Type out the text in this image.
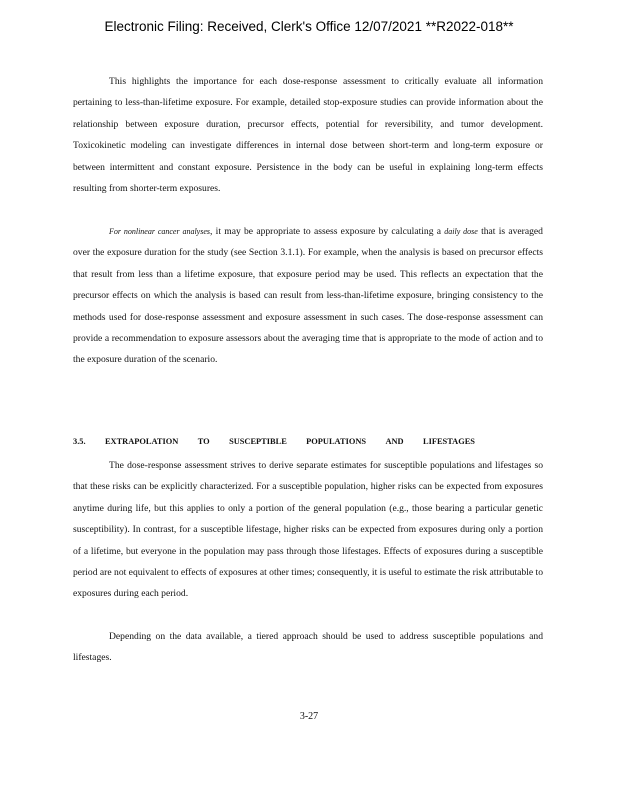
Electronic Filing: Received, Clerk's Office 12/07/2021 **R2022-018**

This highlights the importance for each dose-response assessment to critically evaluate all information pertaining to less-than-lifetime exposure. For example, detailed stop-exposure studies can provide information about the relationship between exposure duration, precursor effects, potential for reversibility, and tumor development. Toxicokinetic modeling can investigate differences in internal dose between short-term and long-term exposure or between intermittent and constant exposure. Persistence in the body can be useful in explaining long-term effects resulting from shorter-term exposures.

For nonlinear cancer analyses, it may be appropriate to assess exposure by calculating a daily dose that is averaged over the exposure duration for the study (see Section 3.1.1). For example, when the analysis is based on precursor effects that result from less than a lifetime exposure, that exposure period may be used. This reflects an expectation that the precursor effects on which the analysis is based can result from less-than-lifetime exposure, bringing consistency to the methods used for dose-response assessment and exposure assessment in such cases. The dose-response assessment can provide a recommendation to exposure assessors about the averaging time that is appropriate to the mode of action and to the exposure duration of the scenario.

3.5. EXTRAPOLATION TO SUSCEPTIBLE POPULATIONS AND LIFESTAGES

The dose-response assessment strives to derive separate estimates for susceptible populations and lifestages so that these risks can be explicitly characterized. For a susceptible population, higher risks can be expected from exposures anytime during life, but this applies to only a portion of the general population (e.g., those bearing a particular genetic susceptibility). In contrast, for a susceptible lifestage, higher risks can be expected from exposures during only a portion of a lifetime, but everyone in the population may pass through those lifestages. Effects of exposures during a susceptible period are not equivalent to effects of exposures at other times; consequently, it is useful to estimate the risk attributable to exposures during each period.

Depending on the data available, a tiered approach should be used to address susceptible populations and lifestages.

3-27
